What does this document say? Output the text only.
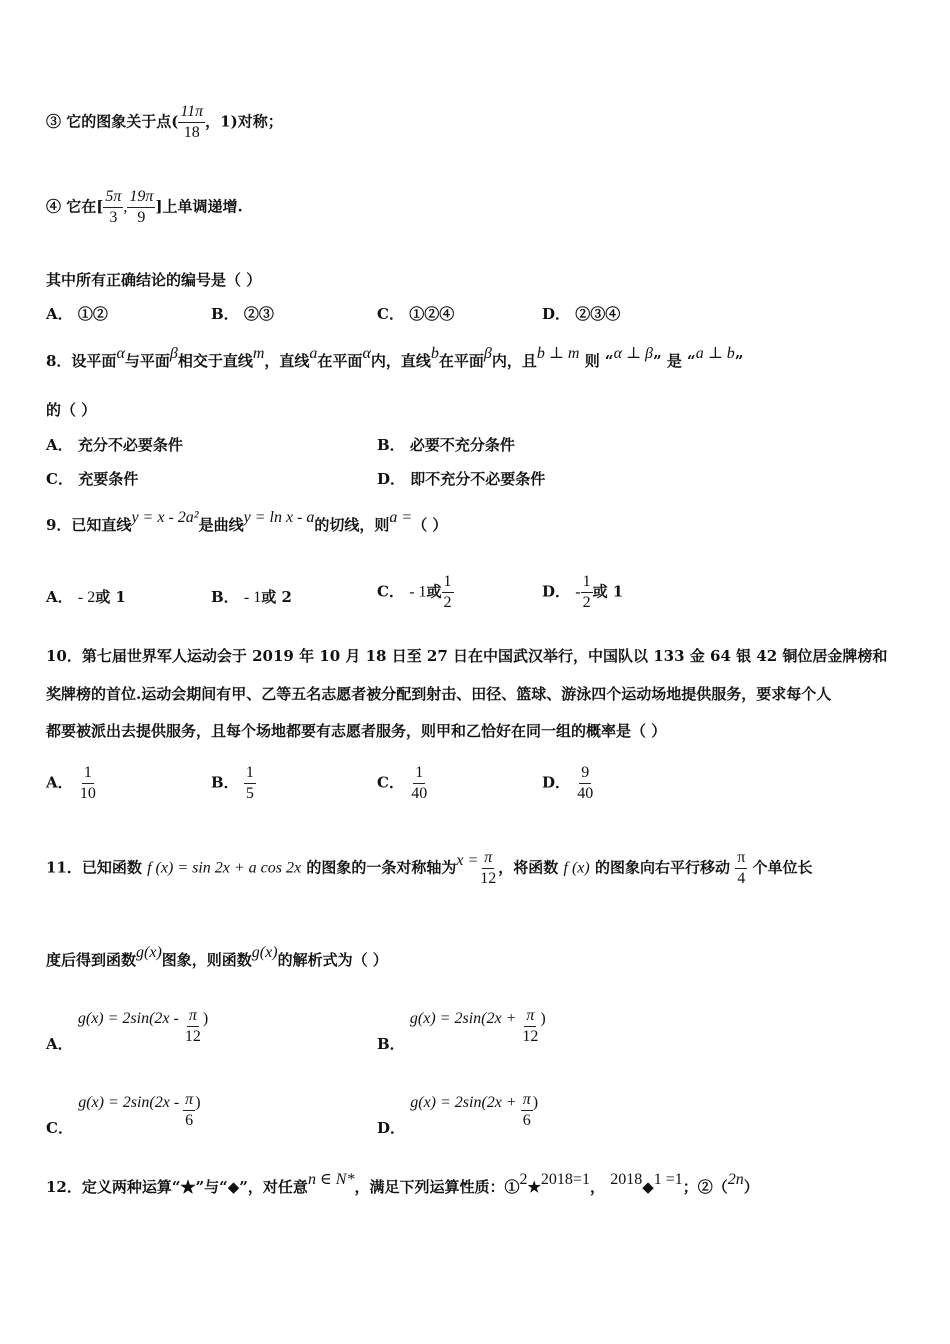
③ 它的图象关于点( $\frac{11\pi}{18}$ ，1)对称；
④ 它在[ $\frac{5\pi}{3}$ , $\frac{19\pi}{9}$ ]上单调递增.
其中所有正确结论的编号是（ ）
A． ①②	B． ②③	C． ①②④	D． ②③④
8．设平面α与平面β相交于直线m，直线a在平面α内，直线b在平面β内，且b ⊥ m 则 “α ⊥ β” 是 “a ⊥ b”
的（ ）
A． 充分不必要条件	B． 必要不充分条件
C． 充要条件	D． 即不充分不必要条件
9．已知直线y = x - 2a²是曲线y = ln x - a的切线，则a =（ ）
A． - 2或 1	B． - 1或 2	C． - 1或 $\frac{1}{2}$	D． - $\frac{1}{2}$ 或 1
10．第七届世界军人运动会于 2019 年 10 月 18 日至 27 日在中国武汉举行，中国队以 133 金 64 银 42 铜位居金牌榜和
奖牌榜的首位.运动会期间有甲、乙等五名志愿者被分配到射击、田径、篮球、游泳四个运动场地提供服务，要求每个人
都要被派出去提供服务，且每个场地都要有志愿者服务，则甲和乙恰好在同一组的概率是（ ）
A． $\frac{1}{10}$	B． $\frac{1}{5}$	C． $\frac{1}{40}$	D． $\frac{9}{40}$
11．已知函数 f (x) = sin 2x + a cos 2x 的图象的一条对称轴为$x = \frac{\pi}{12}$ ，将函数 f (x) 的图象向右平行移动 $\frac{\pi}{4}$ 个单位长
度后得到函数g(x)图象，则函数g(x)的解析式为（ ）
A． $g(x) = 2\sin(2x - \frac{\pi}{12}$ )
B． $g(x) = 2\sin(2x + \frac{\pi}{12}$ )
C． $g(x) = 2\sin(2x - \frac{\pi}{6}$ )
D． $g(x) = 2\sin(2x + \frac{\pi}{6}$ )
12．定义两种运算“★”与“◆”，对任意n ∈ N*，满足下列运算性质：①2★2018=1， 2018◆1 =1；②（2n）
